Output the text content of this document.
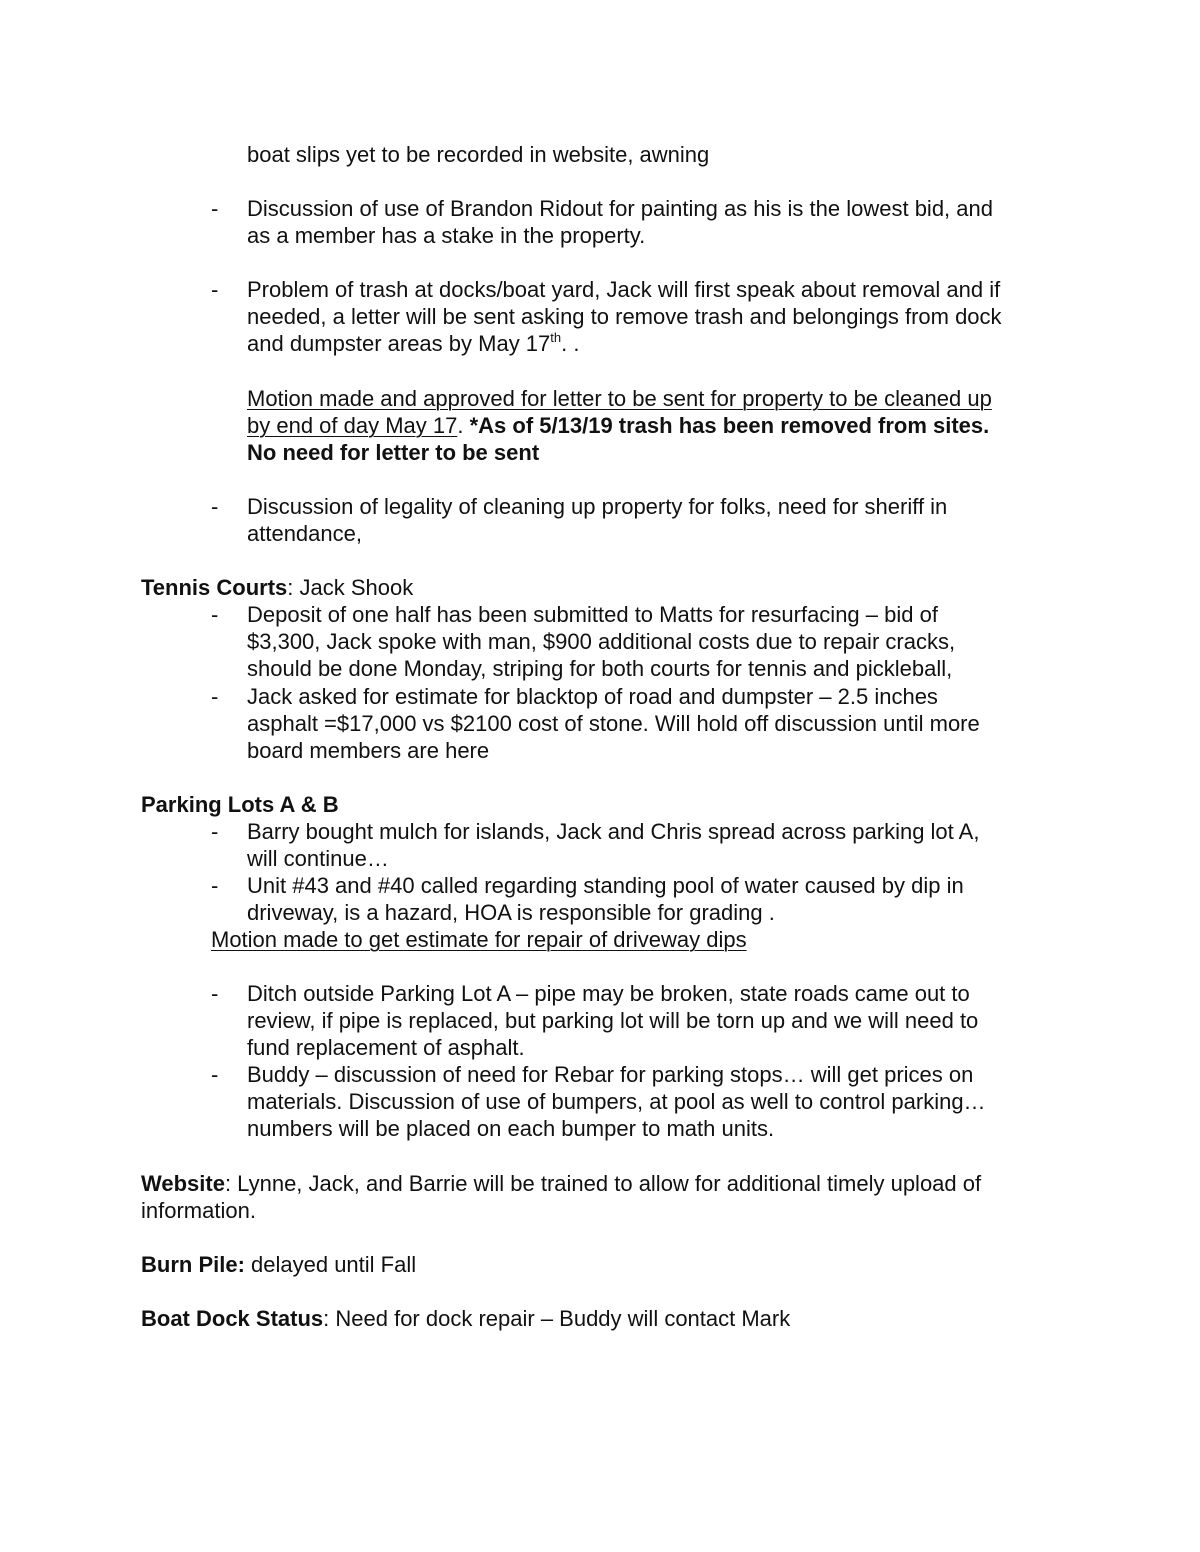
boat slips yet to be recorded in website, awning
- Discussion of use of Brandon Ridout for painting as his is the lowest bid, and
as a member has a stake in the property.
- Problem of trash at docks/boat yard, Jack will first speak about removal and if
needed, a letter will be sent asking to remove trash and belongings from dock
and dumpster areas by May 17th. .
Motion made and approved for letter to be sent for property to be cleaned up
by end of day May 17. *As of 5/13/19 trash has been removed from sites.
No need for letter to be sent
- Discussion of legality of cleaning up property for folks, need for sheriff in
attendance,
Tennis Courts: Jack Shook
- Deposit of one half has been submitted to Matts for resurfacing – bid of
$3,300, Jack spoke with man, $900 additional costs due to repair cracks,
should be done Monday, striping for both courts for tennis and pickleball,
- Jack asked for estimate for blacktop of road and dumpster – 2.5 inches
asphalt =$17,000 vs $2100 cost of stone. Will hold off discussion until more
board members are here
Parking Lots A & B
- Barry bought mulch for islands, Jack and Chris spread across parking lot A,
will continue…
- Unit #43 and #40 called regarding standing pool of water caused by dip in
driveway, is a hazard, HOA is responsible for grading .
Motion made to get estimate for repair of driveway dips
- Ditch outside Parking Lot A – pipe may be broken, state roads came out to
review, if pipe is replaced, but parking lot will be torn up and we will need to
fund replacement of asphalt.
- Buddy – discussion of need for Rebar for parking stops… will get prices on
materials. Discussion of use of bumpers, at pool as well to control parking…
numbers will be placed on each bumper to math units.
Website: Lynne, Jack, and Barrie will be trained to allow for additional timely upload of
information.
Burn Pile: delayed until Fall
Boat Dock Status: Need for dock repair – Buddy will contact Mark
